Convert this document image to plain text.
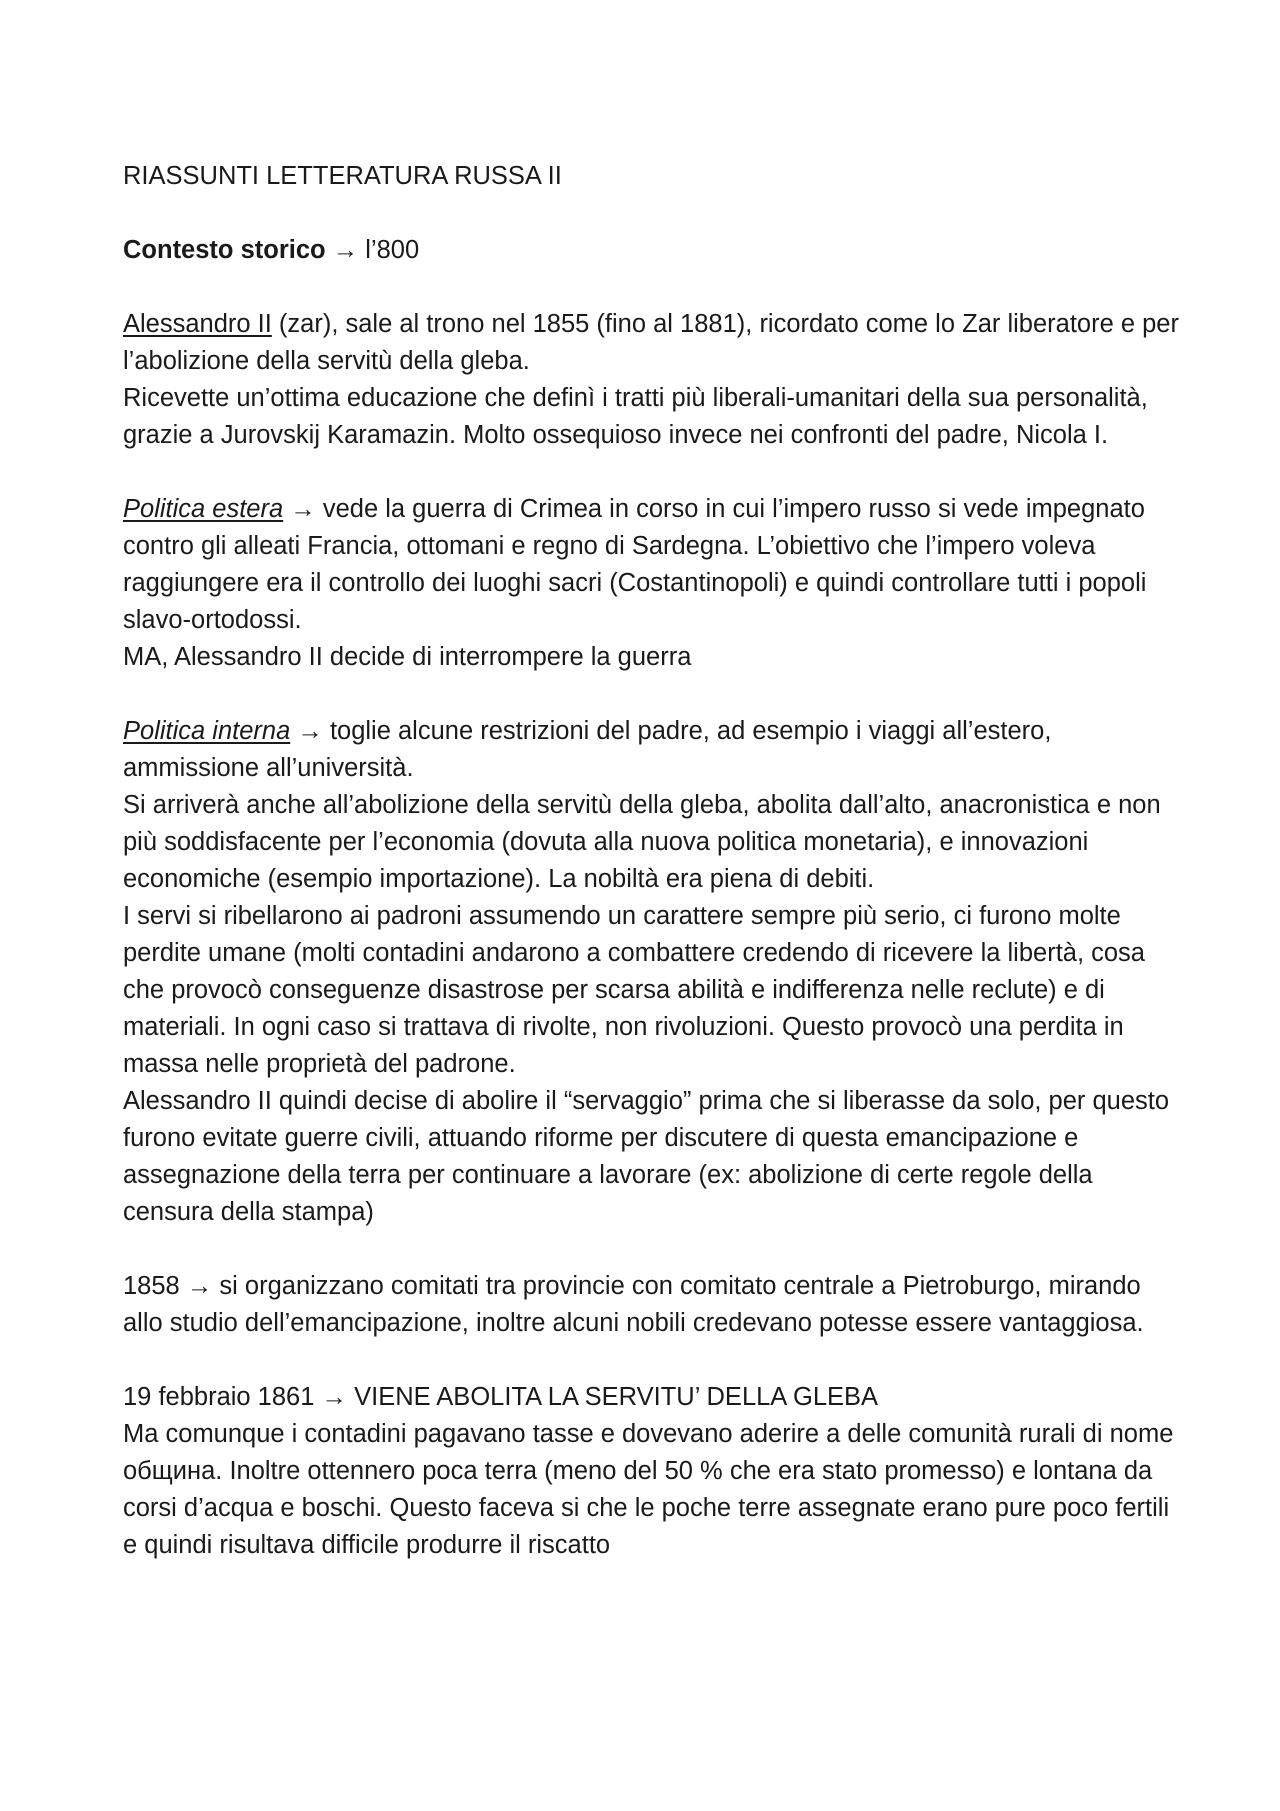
RIASSUNTI LETTERATURA RUSSA II

Contesto storico → l’800

Alessandro II (zar), sale al trono nel 1855 (fino al 1881), ricordato come lo Zar liberatore e per l’abolizione della servitù della gleba.
Ricevette un’ottima educazione che definì i tratti più liberali-umanitari della sua personalità, grazie a Jurovskij Karamazin. Molto ossequioso invece nei confronti del padre, Nicola I.

Politica estera → vede la guerra di Crimea in corso in cui l’impero russo si vede impegnato contro gli alleati Francia, ottomani e regno di Sardegna. L’obiettivo che l’impero voleva raggiungere era il controllo dei luoghi sacri (Costantinopoli) e quindi controllare tutti i popoli slavo-ortodossi.
MA, Alessandro II decide di interrompere la guerra

Politica interna → toglie alcune restrizioni del padre, ad esempio i viaggi all’estero, ammissione all’università.
Si arriverà anche all’abolizione della servitù della gleba, abolita dall’alto, anacronistica e non più soddisfacente per l’economia (dovuta alla nuova politica monetaria), e innovazioni economiche (esempio importazione). La nobiltà era piena di debiti.
I servi si ribellarono ai padroni assumendo un carattere sempre più serio, ci furono molte perdite umane (molti contadini andarono a combattere credendo di ricevere la libertà, cosa che provocò conseguenze disastrose per scarsa abilità e indifferenza nelle reclute) e di materiali. In ogni caso si trattava di rivolte, non rivoluzioni. Questo provocò una perdita in massa nelle proprietà del padrone.
Alessandro II quindi decise di abolire il “servaggio” prima che si liberasse da solo, per questo furono evitate guerre civili, attuando riforme per discutere di questa emancipazione e assegnazione della terra per continuare a lavorare (ex: abolizione di certe regole della censura della stampa)

1858 → si organizzano comitati tra provincie con comitato centrale a Pietroburgo, mirando allo studio dell’emancipazione, inoltre alcuni nobili credevano potesse essere vantaggiosa.

19 febbraio 1861 → VIENE ABOLITA LA SERVITU’ DELLA GLEBA
Ma comunque i contadini pagavano tasse e dovevano aderire a delle comunità rurali di nome община. Inoltre ottennero poca terra (meno del 50 % che era stato promesso) e lontana da corsi d’acqua e boschi. Questo faceva si che le poche terre assegnate erano pure poco fertili e quindi risultava difficile produrre il riscatto
